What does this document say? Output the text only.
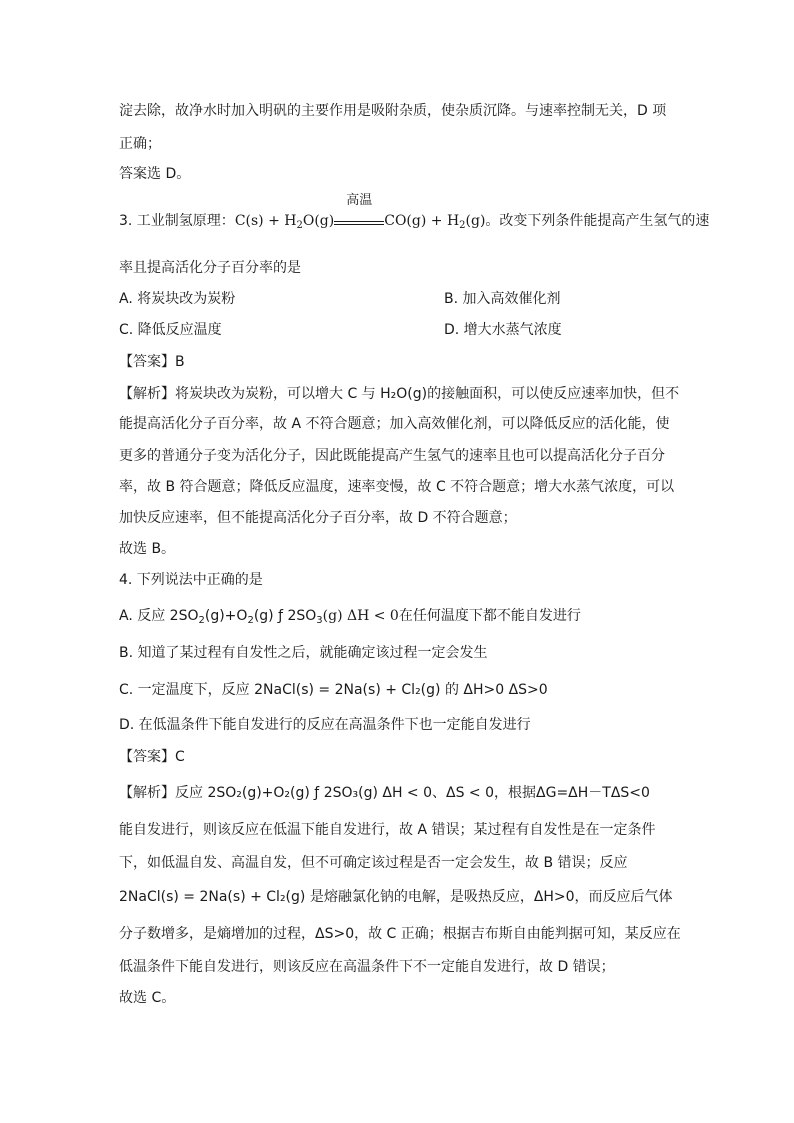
淀去除，故净水时加入明矾的主要作用是吸附杂质，使杂质沉降。与速率控制无关，D 项
正确；
答案选 D。
3. 工业制氢原理：$C(s) + H_2O(g)$
高温
$CO(g) + H_2(g)$。改变下列条件能提高产生氢气的速
率且提高活化分子百分率的是
A. 将炭块改为炭粉	B. 加入高效催化剂
C. 降低反应温度	D. 增大水蒸气浓度
【答案】B
【解析】将炭块改为炭粉，可以增大 C 与 H₂O(g)的接触面积，可以使反应速率加快，但不
能提高活化分子百分率，故 A 不符合题意；加入高效催化剂，可以降低反应的活化能，使
更多的普通分子变为活化分子，因此既能提高产生氢气的速率且也可以提高活化分子百分
率，故 B 符合题意；降低反应温度，速率变慢，故 C 不符合题意；增大水蒸气浓度，可以
加快反应速率，但不能提高活化分子百分率，故 D 不符合题意；
故选 B。
4. 下列说法中正确的是
A. 反应 $2SO_2(g)+O_2(g)$ ƒ $2SO_3(g) \Delta H < 0$在任何温度下都不能自发进行
B. 知道了某过程有自发性之后，就能确定该过程一定会发生
C. 一定温度下，反应 2NaCl(s) = 2Na(s) + Cl₂(g) 的 ΔH>0 ΔS>0
D. 在低温条件下能自发进行的反应在高温条件下也一定能自发进行
【答案】C
【解析】反应 2SO₂(g)+O₂(g) ƒ 2SO₃(g) ΔH < 0、ΔS < 0，根据ΔG=ΔH－TΔS<0
能自发进行，则该反应在低温下能自发进行，故 A 错误；某过程有自发性是在一定条件
下，如低温自发、高温自发，但不可确定该过程是否一定会发生，故 B 错误；反应
2NaCl(s) = 2Na(s) + Cl₂(g) 是熔融氯化钠的电解，是吸热反应，ΔH>0，而反应后气体
分子数增多，是熵增加的过程，ΔS>0，故 C 正确；根据吉布斯自由能判据可知，某反应在
低温条件下能自发进行，则该反应在高温条件下不一定能自发进行，故 D 错误；
故选 C。
